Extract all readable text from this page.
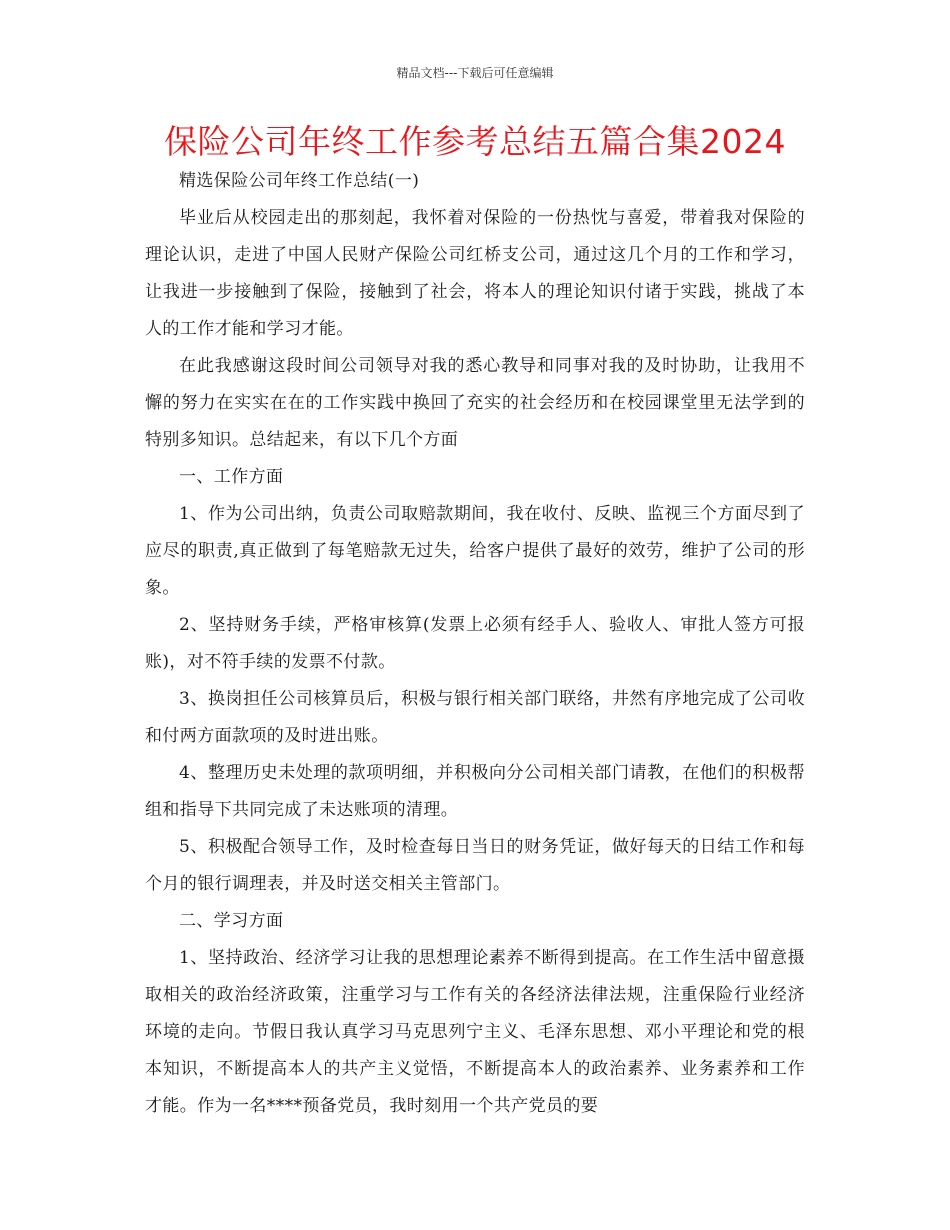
精品文档---下载后可任意编辑
保险公司年终工作参考总结五篇合集2024

精选保险公司年终工作总结(一)

毕业后从校园走出的那刻起，我怀着对保险的一份热忱与喜爱，带着我对保险的理论认识，走进了中国人民财产保险公司红桥支公司，通过这几个月的工作和学习，让我进一步接触到了保险，接触到了社会，将本人的理论知识付诸于实践，挑战了本人的工作才能和学习才能。

在此我感谢这段时间公司领导对我的悉心教导和同事对我的及时协助，让我用不懈的努力在实实在在的工作实践中换回了充实的社会经历和在校园课堂里无法学到的特别多知识。总结起来，有以下几个方面

一、工作方面

1、作为公司出纳，负责公司取赔款期间，我在收付、反映、监视三个方面尽到了应尽的职责,真正做到了每笔赔款无过失，给客户提供了最好的效劳，维护了公司的形象。

2、坚持财务手续，严格审核算(发票上必须有经手人、验收人、审批人签方可报账)，对不符手续的发票不付款。

3、换岗担任公司核算员后，积极与银行相关部门联络，井然有序地完成了公司收和付两方面款项的及时进出账。

4、整理历史未处理的款项明细，并积极向分公司相关部门请教，在他们的积极帮组和指导下共同完成了未达账项的清理。

5、积极配合领导工作，及时检查每日当日的财务凭证，做好每天的日结工作和每个月的银行调理表，并及时送交相关主管部门。

二、学习方面

1、坚持政治、经济学习让我的思想理论素养不断得到提高。在工作生活中留意摄取相关的政治经济政策，注重学习与工作有关的各经济法律法规，注重保险行业经济环境的走向。节假日我认真学习马克思列宁主义、毛泽东思想、邓小平理论和党的根本知识，不断提高本人的共产主义觉悟，不断提高本人的政治素养、业务素养和工作才能。作为一名****预备党员，我时刻用一个共产党员的要
